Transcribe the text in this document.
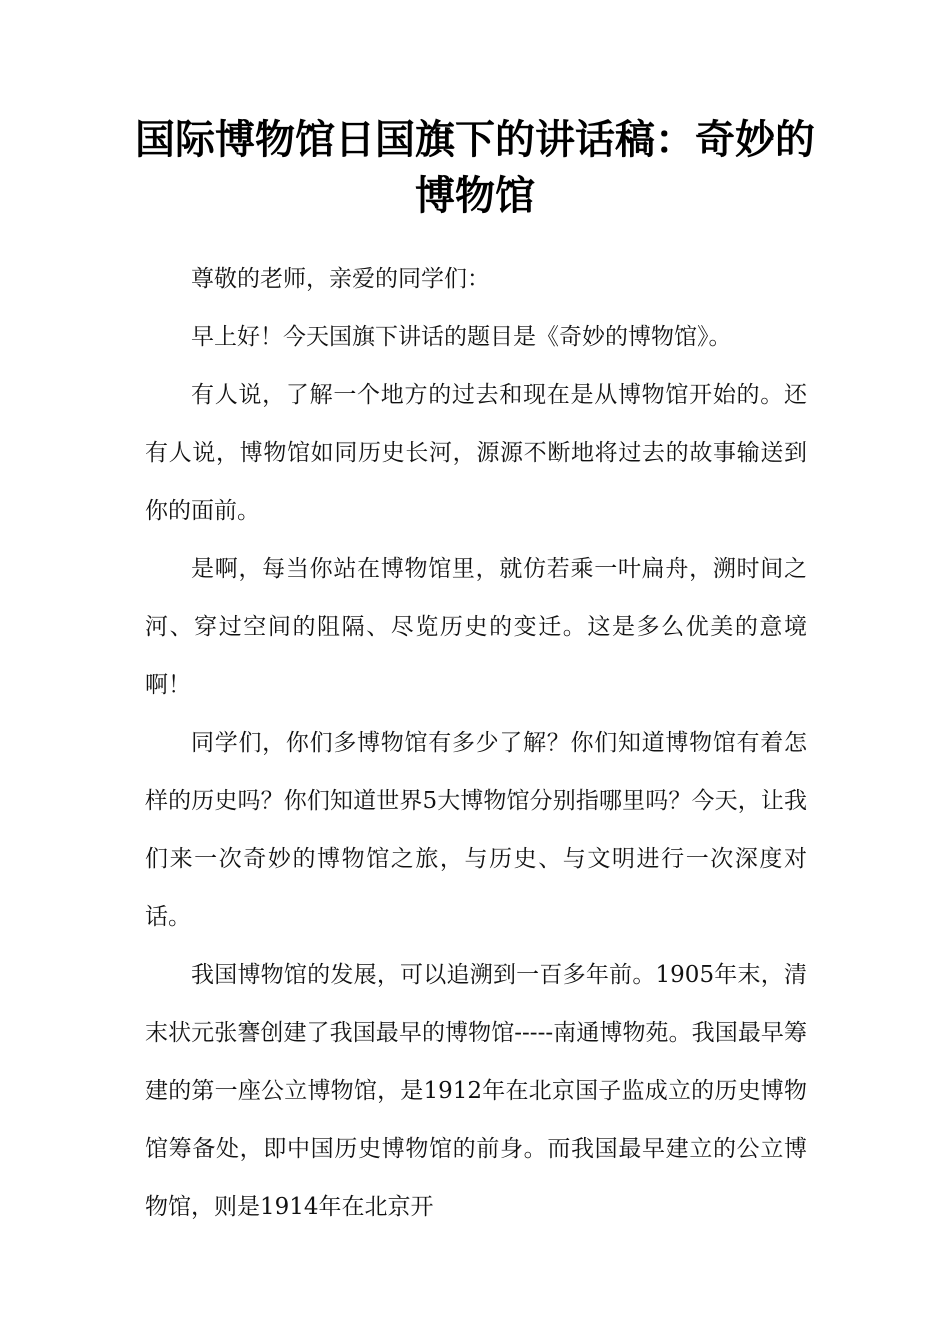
国际博物馆日国旗下的讲话稿：奇妙的博物馆

尊敬的老师，亲爱的同学们：

早上好！今天国旗下讲话的题目是《奇妙的博物馆》。

有人说，了解一个地方的过去和现在是从博物馆开始的。还有人说，博物馆如同历史长河，源源不断地将过去的故事输送到你的面前。

是啊，每当你站在博物馆里，就仿若乘一叶扁舟，溯时间之河、穿过空间的阻隔、尽览历史的变迁。这是多么优美的意境啊！

同学们，你们多博物馆有多少了解？你们知道博物馆有着怎样的历史吗？你们知道世界5大博物馆分别指哪里吗？今天，让我们来一次奇妙的博物馆之旅，与历史、与文明进行一次深度对话。

我国博物馆的发展，可以追溯到一百多年前。1905年末，清末状元张謇创建了我国最早的博物馆-----南通博物苑。我国最早筹建的第一座公立博物馆，是1912年在北京国子监成立的历史博物馆筹备处，即中国历史博物馆的前身。而我国最早建立的公立博物馆，则是1914年在北京开
